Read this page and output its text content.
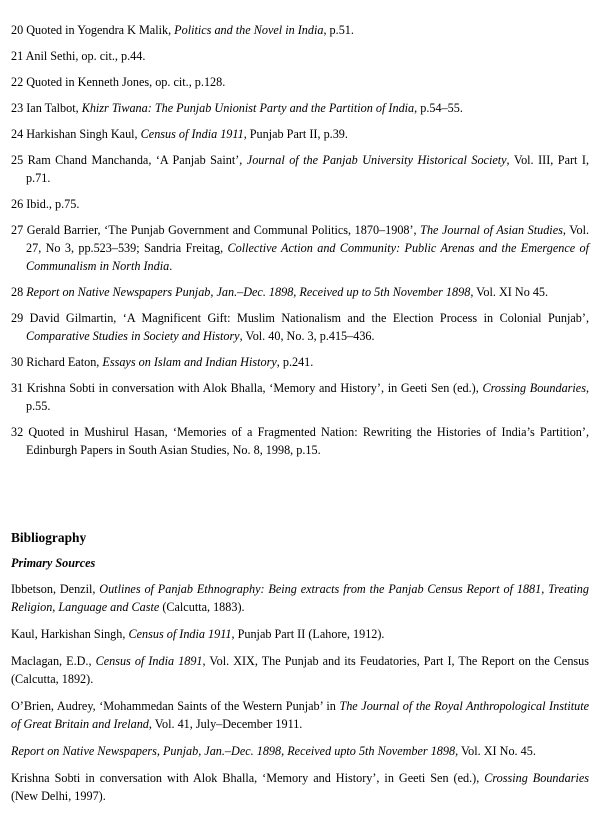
20 Quoted in Yogendra K Malik, Politics and the Novel in India, p.51.
21 Anil Sethi, op. cit., p.44.
22 Quoted in Kenneth Jones, op. cit., p.128.
23 Ian Talbot, Khizr Tiwana: The Punjab Unionist Party and the Partition of India, p.54–55.
24 Harkishan Singh Kaul, Census of India 1911, Punjab Part II, p.39.
25 Ram Chand Manchanda, ‘A Panjab Saint’, Journal of the Panjab University Historical Society, Vol. III, Part I, p.71.
26 Ibid., p.75.
27 Gerald Barrier, ‘The Punjab Government and Communal Politics, 1870–1908’, The Journal of Asian Studies, Vol. 27, No 3, pp.523–539; Sandria Freitag, Collective Action and Community: Public Arenas and the Emergence of Communalism in North India.
28 Report on Native Newspapers Punjab, Jan.–Dec. 1898, Received up to 5th November 1898, Vol. XI No 45.
29 David Gilmartin, ‘A Magnificent Gift: Muslim Nationalism and the Election Process in Colonial Punjab’, Comparative Studies in Society and History, Vol. 40, No. 3, p.415–436.
30 Richard Eaton, Essays on Islam and Indian History, p.241.
31 Krishna Sobti in conversation with Alok Bhalla, ‘Memory and History’, in Geeti Sen (ed.), Crossing Boundaries, p.55.
32 Quoted in Mushirul Hasan, ‘Memories of a Fragmented Nation: Rewriting the Histories of India’s Partition’, Edinburgh Papers in South Asian Studies, No. 8, 1998, p.15.
Bibliography
Primary Sources
Ibbetson, Denzil, Outlines of Panjab Ethnography: Being extracts from the Panjab Census Report of 1881, Treating Religion, Language and Caste (Calcutta, 1883).
Kaul, Harkishan Singh, Census of India 1911, Punjab Part II (Lahore, 1912).
Maclagan, E.D., Census of India 1891, Vol. XIX, The Punjab and its Feudatories, Part I, The Report on the Census (Calcutta, 1892).
O’Brien, Audrey, ‘Mohammedan Saints of the Western Punjab’ in The Journal of the Royal Anthropological Institute of Great Britain and Ireland, Vol. 41, July–December 1911.
Report on Native Newspapers, Punjab, Jan.–Dec. 1898, Received upto 5th November 1898, Vol. XI No. 45.
Krishna Sobti in conversation with Alok Bhalla, ‘Memory and History’, in Geeti Sen (ed.), Crossing Boundaries (New Delhi, 1997).
